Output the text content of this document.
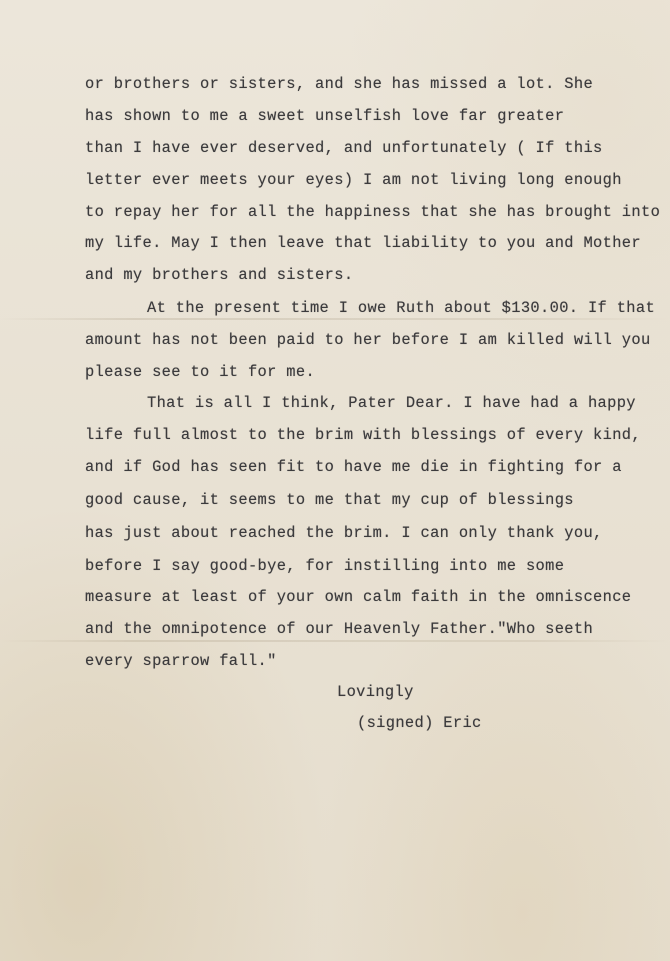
or brothers or sisters, and she has missed a lot. She
has shown to me a sweet unselfish love far greater
than I have ever deserved, and unfortunately ( If this
letter ever meets your eyes) I am not living long enough
to repay her for all the happiness that she has brought into
my life. May I then leave that liability to you and Mother
and my brothers and sisters.
At the present time I owe Ruth about $130.00. If that
amount has not been paid to her before I am killed will you
please see to it for me.
That is all I think, Pater Dear. I have had a happy
life full almost to the brim with blessings of every kind,
and if God has seen fit to have me die in fighting for a
good cause, it seems to me that my cup of blessings
has just about reached the brim. I can only thank you,
before I say good-bye, for instilling into me some
measure at least of your own calm faith in the omniscence
and the omnipotence of our Heavenly Father."Who seeth
every sparrow fall."
Lovingly
(signed) Eric
